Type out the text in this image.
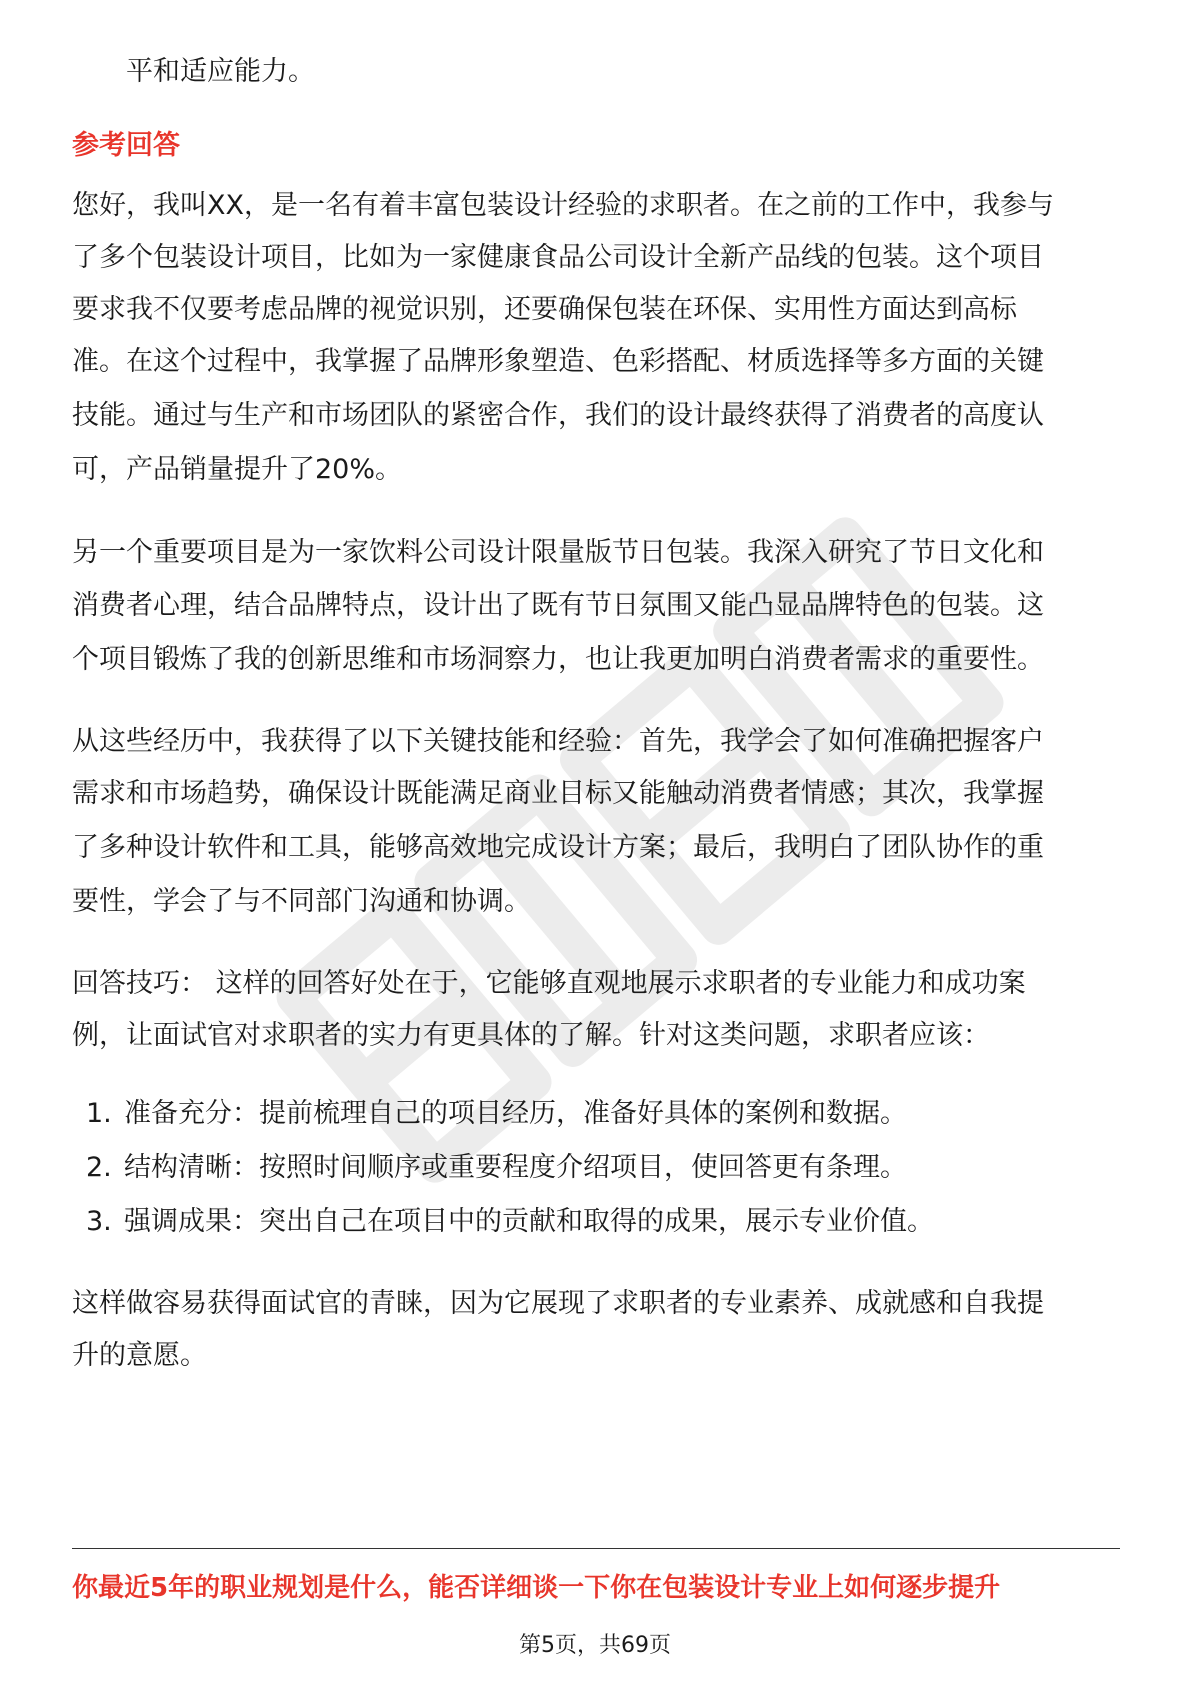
平和适应能力。
参考回答
您好，我叫XX，是一名有着丰富包装设计经验的求职者。在之前的工作中，我参与
了多个包装设计项目，比如为一家健康食品公司设计全新产品线的包装。这个项目
要求我不仅要考虑品牌的视觉识别，还要确保包装在环保、实用性方面达到高标
准。在这个过程中，我掌握了品牌形象塑造、色彩搭配、材质选择等多方面的关键
技能。通过与生产和市场团队的紧密合作，我们的设计最终获得了消费者的高度认
可，产品销量提升了20%。
另一个重要项目是为一家饮料公司设计限量版节日包装。我深入研究了节日文化和
消费者心理，结合品牌特点，设计出了既有节日氛围又能凸显品牌特色的包装。这
个项目锻炼了我的创新思维和市场洞察力，也让我更加明白消费者需求的重要性。
从这些经历中，我获得了以下关键技能和经验：首先，我学会了如何准确把握客户
需求和市场趋势，确保设计既能满足商业目标又能触动消费者情感；其次，我掌握
了多种设计软件和工具，能够高效地完成设计方案；最后，我明白了团队协作的重
要性，学会了与不同部门沟通和协调。
回答技巧： 这样的回答好处在于，它能够直观地展示求职者的专业能力和成功案
例，让面试官对求职者的实力有更具体的了解。针对这类问题，求职者应该：
1. 准备充分：提前梳理自己的项目经历，准备好具体的案例和数据。
2. 结构清晰：按照时间顺序或重要程度介绍项目，使回答更有条理。
3. 强调成果：突出自己在项目中的贡献和取得的成果，展示专业价值。
这样做容易获得面试官的青睐，因为它展现了求职者的专业素养、成就感和自我提
升的意愿。
你最近5年的职业规划是什么，能否详细谈一下你在包装设计专业上如何逐步提升
第5页，共69页
